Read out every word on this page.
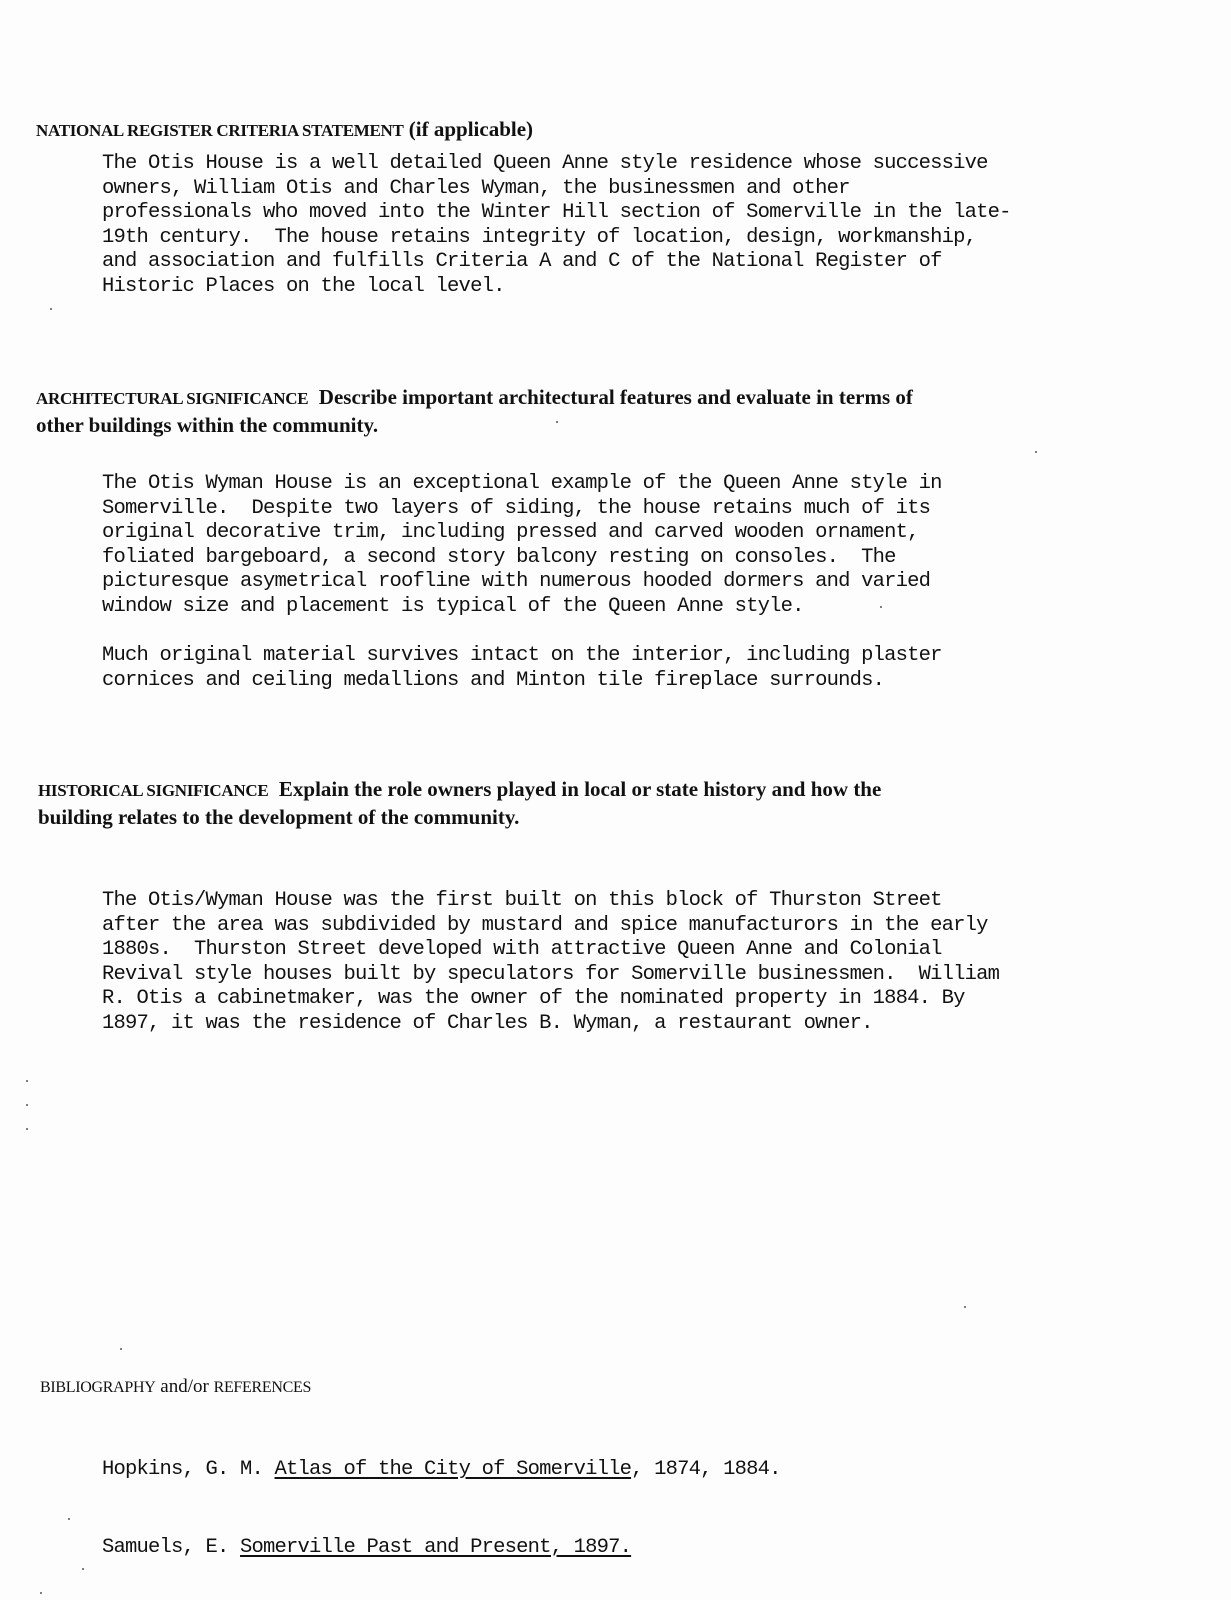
NATIONAL REGISTER CRITERIA STATEMENT (if applicable)
The Otis House is a well detailed Queen Anne style residence whose successive
owners, William Otis and Charles Wyman, the businessmen and other
professionals who moved into the Winter Hill section of Somerville in the late-
19th century.  The house retains integrity of location, design, workmanship,
and association and fulfills Criteria A and C of the National Register of
Historic Places on the local level.
ARCHITECTURAL SIGNIFICANCE  Describe important architectural features and evaluate in terms of
other buildings within the community.
The Otis Wyman House is an exceptional example of the Queen Anne style in
Somerville.  Despite two layers of siding, the house retains much of its
original decorative trim, including pressed and carved wooden ornament,
foliated bargeboard, a second story balcony resting on consoles.  The
picturesque asymetrical roofline with numerous hooded dormers and varied
window size and placement is typical of the Queen Anne style.
Much original material survives intact on the interior, including plaster
cornices and ceiling medallions and Minton tile fireplace surrounds.
HISTORICAL SIGNIFICANCE  Explain the role owners played in local or state history and how the
building relates to the development of the community.
The Otis/Wyman House was the first built on this block of Thurston Street
after the area was subdivided by mustard and spice manufacturors in the early
1880s.  Thurston Street developed with attractive Queen Anne and Colonial
Revival style houses built by speculators for Somerville businessmen.  William
R. Otis a cabinetmaker, was the owner of the nominated property in 1884. By
1897, it was the residence of Charles B. Wyman, a restaurant owner.
BIBLIOGRAPHY and/or REFERENCES

Hopkins, G. M. Atlas of the City of Somerville, 1874, 1884.

Samuels, E. Somerville Past and Present, 1897.
